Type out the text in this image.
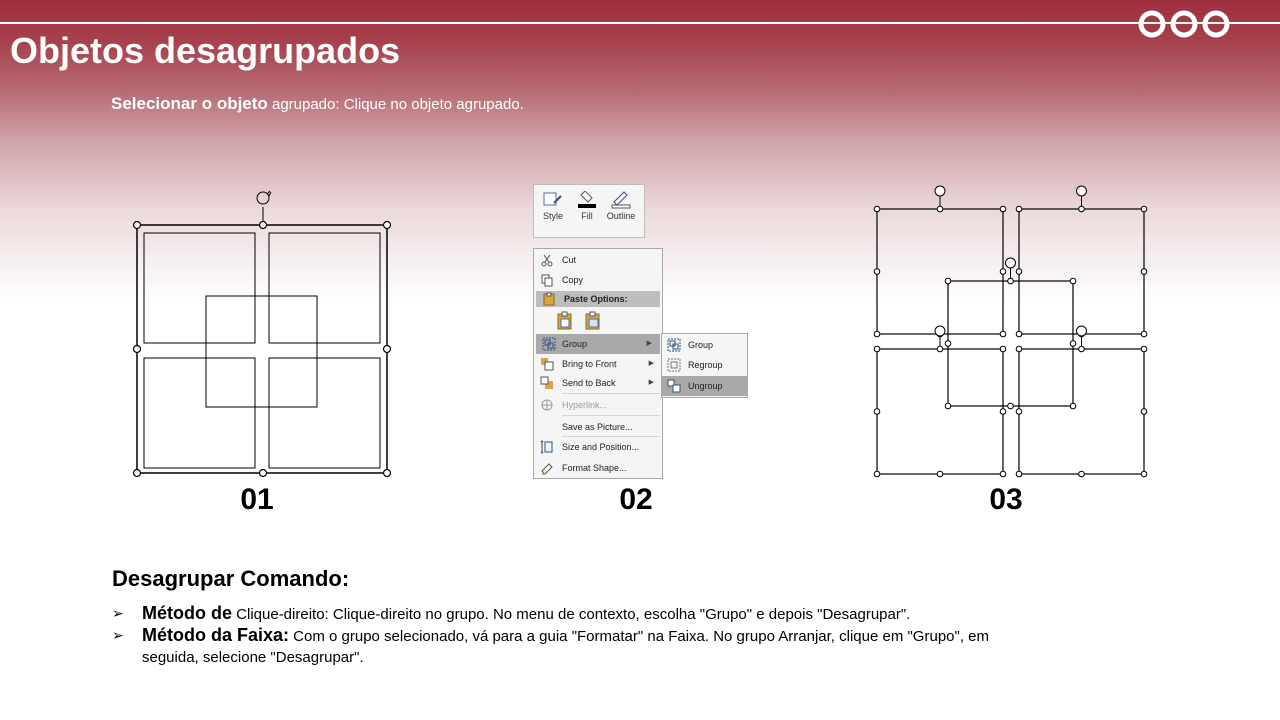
Objetos desagrupados
Selecionar o objeto agrupado: Clique no objeto agrupado.
01
Style	Fill	Outline
Cut
Copy
Paste Options:
Group	▶
Bring to Front	▶
Send to Back	▶
Hyperlink...
Save as Picture...
Size and Position...
Format Shape...
Group
Regroup
Ungroup
02	03
Desagrupar Comando:
➢ Método de Clique-direito: Clique-direito no grupo. No menu de contexto, escolha "Grupo" e depois "Desagrupar".
➢ Método da Faixa: Com o grupo selecionado, vá para a guia "Formatar" na Faixa. No grupo Arranjar, clique em "Grupo", em seguida, selecione "Desagrupar".
